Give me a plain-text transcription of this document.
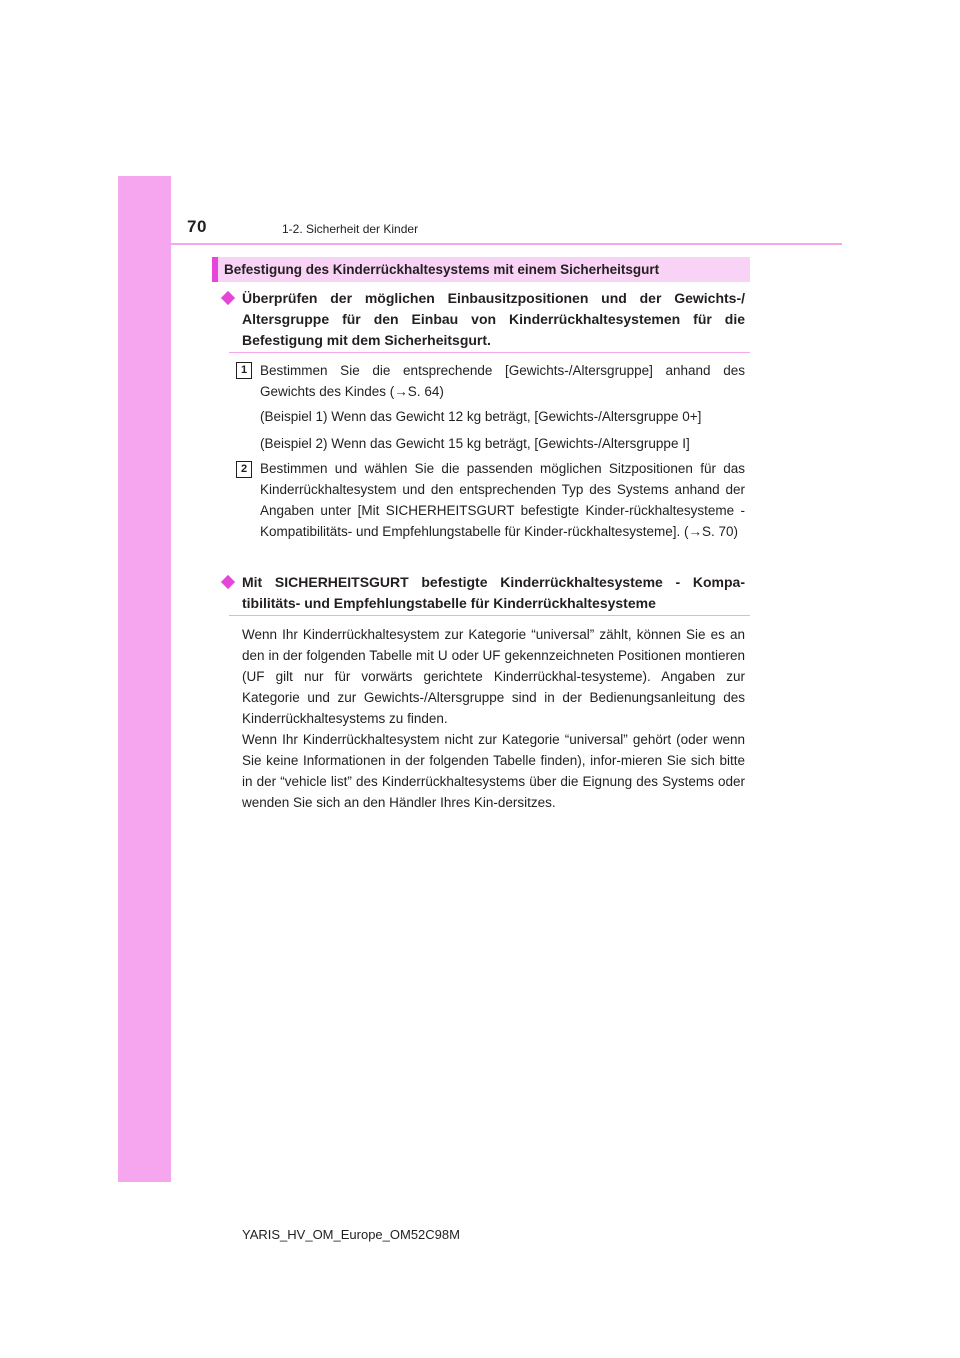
70	1-2. Sicherheit der Kinder
Befestigung des Kinderrückhaltesystems mit einem Sicherheitsgurt
Überprüfen der möglichen Einbausitzpositionen und der Gewichts-/ Altersgruppe für den Einbau von Kinderrückhaltesystemen für die Befestigung mit dem Sicherheitsgurt.
1 Bestimmen Sie die entsprechende [Gewichts-/Altersgruppe] anhand des Gewichts des Kindes (→S. 64)
(Beispiel 1) Wenn das Gewicht 12 kg beträgt, [Gewichts-/Altersgruppe 0+]
(Beispiel 2) Wenn das Gewicht 15 kg beträgt, [Gewichts-/Altersgruppe I]
2 Bestimmen und wählen Sie die passenden möglichen Sitzpositionen für das Kinderrückhaltesystem und den entsprechenden Typ des Systems anhand der Angaben unter [Mit SICHERHEITSGURT befestigte Kinder-rückhaltesysteme - Kompatibilitäts- und Empfehlungstabelle für Kinder-rückhaltesysteme]. (→S. 70)
Mit SICHERHEITSGURT befestigte Kinderrückhaltesysteme - Kompa-tibilitäts- und Empfehlungstabelle für Kinderrückhaltesysteme
Wenn Ihr Kinderrückhaltesystem zur Kategorie “universal” zählt, können Sie es an den in der folgenden Tabelle mit U oder UF gekennzeichneten Positionen montieren (UF gilt nur für vorwärts gerichtete Kinderrückhal-tesysteme). Angaben zur Kategorie und zur Gewichts-/Altersgruppe sind in der Bedienungsanleitung des Kinderrückhaltesystems zu finden.
Wenn Ihr Kinderrückhaltesystem nicht zur Kategorie “universal” gehört (oder wenn Sie keine Informationen in der folgenden Tabelle finden), infor-mieren Sie sich bitte in der “vehicle list” des Kinderrückhaltesystems über die Eignung des Systems oder wenden Sie sich an den Händler Ihres Kin-dersitzes.
YARIS_HV_OM_Europe_OM52C98M
